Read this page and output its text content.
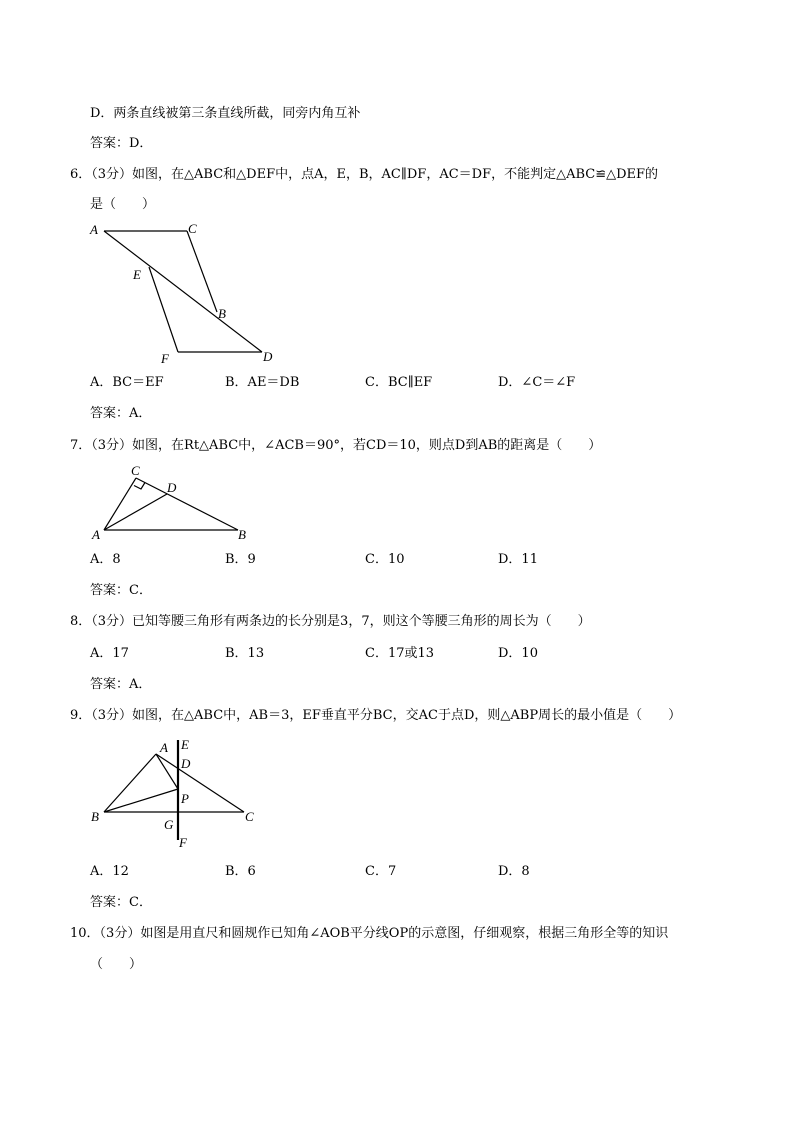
D．两条直线被第三条直线所截，同旁内角互补
答案：D．
6．（3分）如图，在△ABC和△DEF中，点A，E，B，AC∥DF，AC＝DF，不能判定△ABC≌△DEF的
是（　　）
A	C
E
B
F	D
A．BC＝EF	B．AE＝DB	C．BC∥EF	D．∠C＝∠F
答案：A．
7．（3分）如图，在Rt△ABC中，∠ACB＝90°，若CD＝10，则点D到AB的距离是（　　）
C
D
A	B
A．8	B．9	C．10	D．11
答案：C．
8．（3分）已知等腰三角形有两条边的长分别是3，7，则这个等腰三角形的周长为（　　）
A．17	B．13	C．17或13	D．10
答案：A．
9．（3分）如图，在△ABC中，AB＝3，EF垂直平分BC，交AC于点D，则△ABP周长的最小值是（　　）
A E
D
P
B
G
C
F
A．12	B．6	C．7	D．8
答案：C．
10．（3分）如图是用直尺和圆规作已知角∠AOB平分线OP的示意图，仔细观察，根据三角形全等的知识
（　　）
